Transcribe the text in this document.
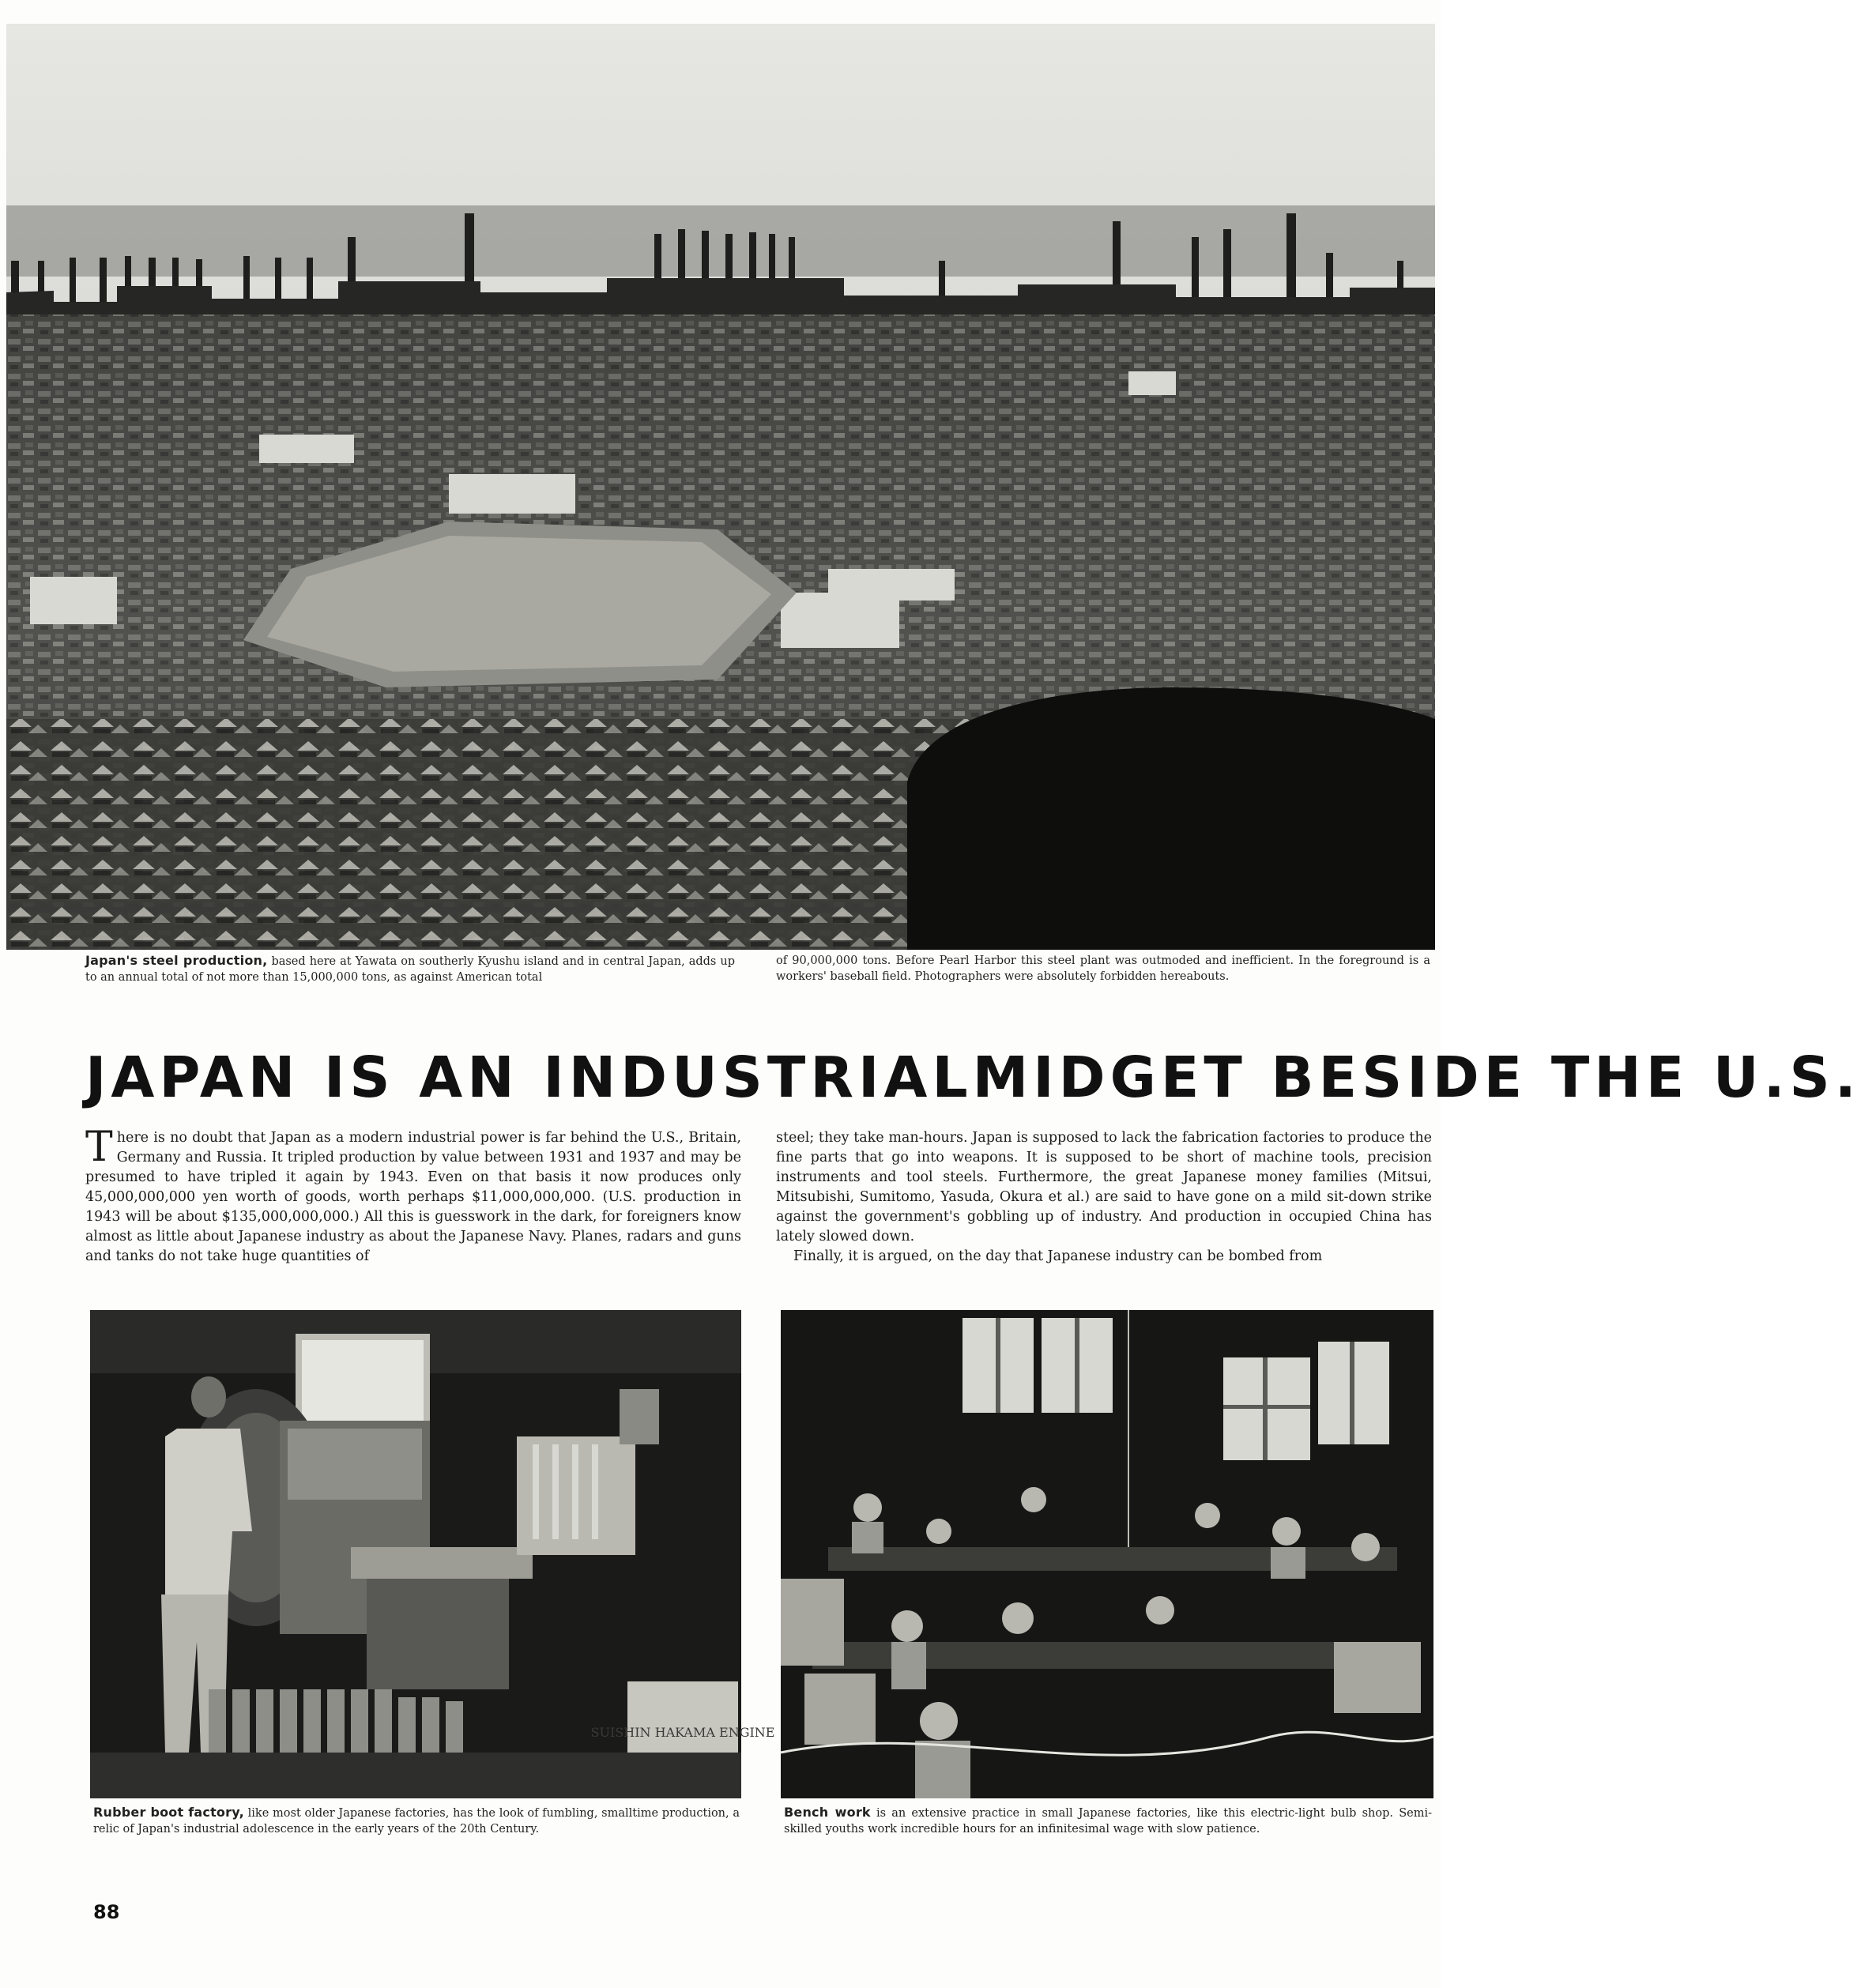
Japan's steel production, based here at Yawata on southerly Kyushu island and in central Japan, adds up to an annual total of not more than 15,000,000 tons, as against American total
of 90,000,000 tons. Before Pearl Harbor this steel plant was outmoded and inefficient. In the foreground is a workers' baseball field. Photographers were absolutely forbidden hereabouts.
JAPAN IS AN INDUSTRIAL MIDGET BESIDE THE U.S.

There is no doubt that Japan as a modern industrial power is far behind the U.S., Britain, Germany and Russia. It tripled production by value between 1931 and 1937 and may be presumed to have tripled it again by 1943. Even on that basis it now produces only 45,000,000,000 yen worth of goods, worth perhaps $11,000,000,000. (U.S. production in 1943 will be about $135,000,000,000.) All this is guesswork in the dark, for foreigners know almost as little about Japanese industry as about the Japanese Navy. Planes, radars and guns and tanks do not take huge quantities of

steel; they take man-hours. Japan is supposed to lack the fabrication factories to produce the fine parts that go into weapons. It is supposed to be short of machine tools, precision instruments and tool steels. Furthermore, the great Japanese money families (Mitsui, Mitsubishi, Sumitomo, Yasuda, Okura et al.) are said to have gone on a mild sit-down strike against the government's gobbling up of industry. And production in occupied China has lately slowed down.

Finally, it is argued, on the day that Japanese industry can be bombed from

SUISHIN HAKAMA ENGINE
Rubber boot factory, like most older Japanese factories, has the look of fumbling, smalltime production, a relic of Japan's industrial adolescence in the early years of the 20th Century.
Bench work is an extensive practice in small Japanese factories, like this electric-light bulb shop. Semi-skilled youths work incredible hours for an infinitesimal wage with slow patience.
88
